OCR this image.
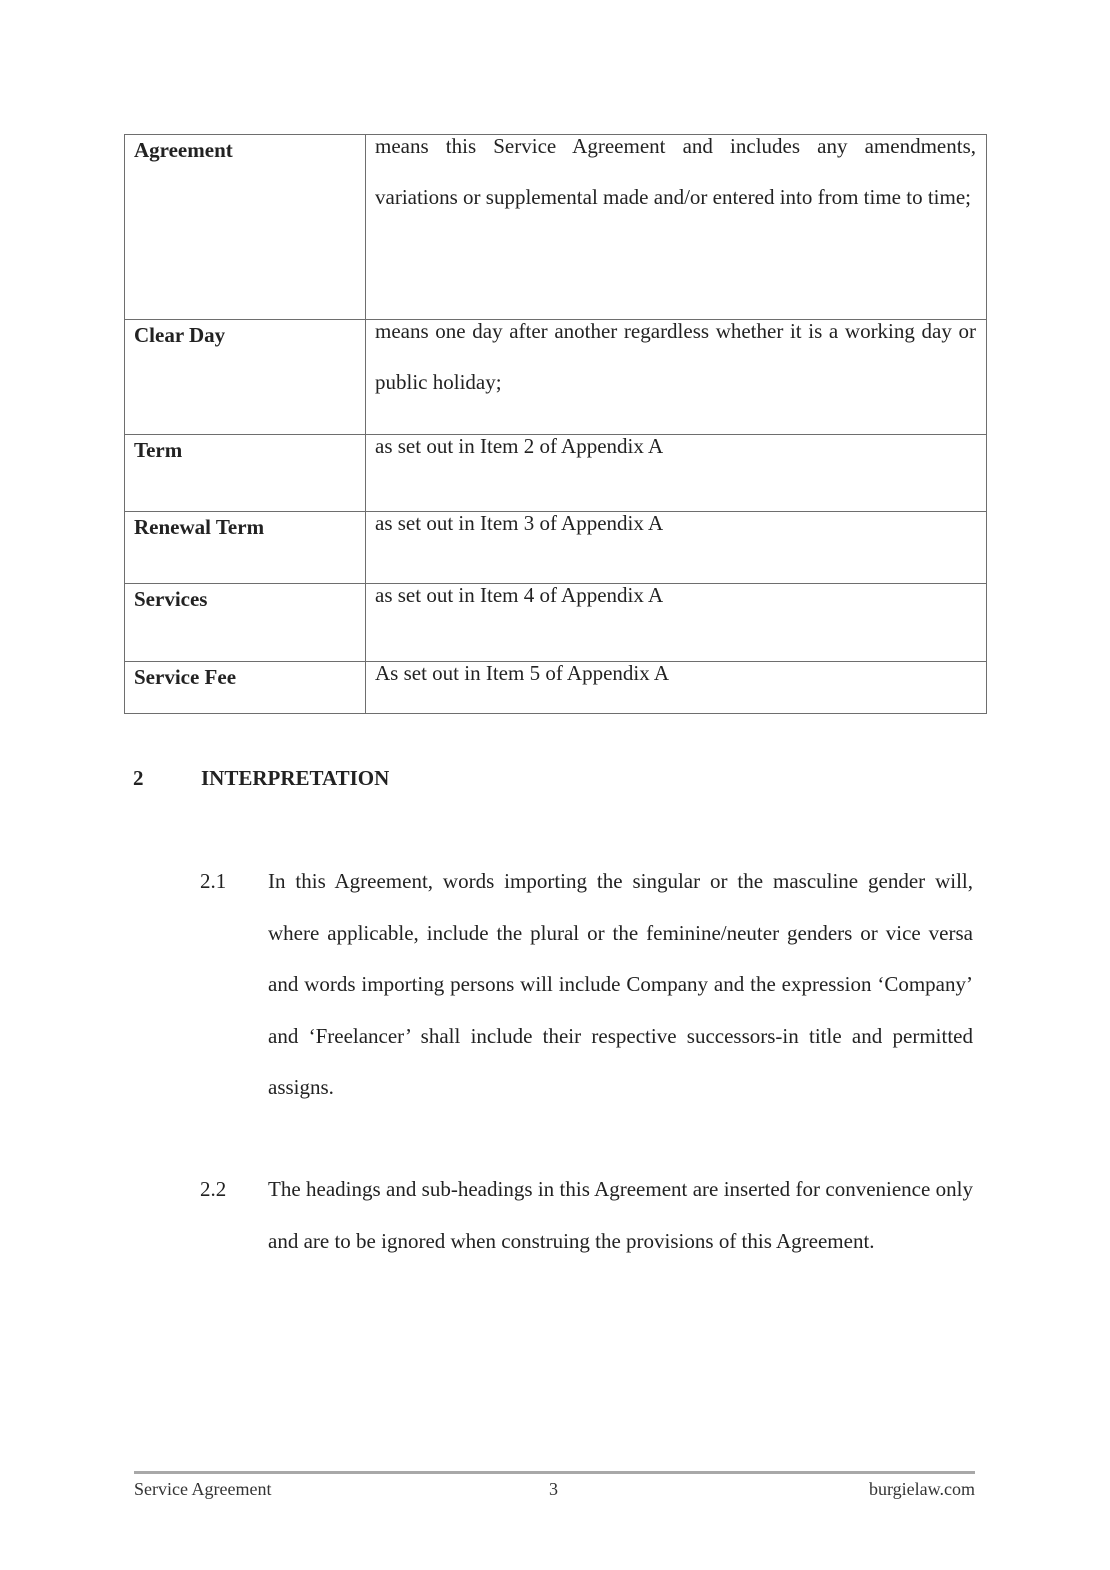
Agreement	means this Service Agreement and includes any amendments, variations or supplemental made and/or entered into from time to time;

Clear Day	means one day after another regardless whether it is a working day or public holiday;

Term	as set out in Item 2 of Appendix A

Renewal Term	as set out in Item 3 of Appendix A

Services	as set out in Item 4 of Appendix A

Service Fee	As set out in Item 5 of Appendix A
2	INTERPRETATION
2.1 In this Agreement, words importing the singular or the masculine gender will, where applicable, include the plural or the feminine/neuter genders or vice versa and words importing persons will include Company and the expression ‘Company’ and ‘Freelancer’ shall include their respective successors-in title and permitted assigns.
2.2 The headings and sub-headings in this Agreement are inserted for convenience only and are to be ignored when construing the provisions of this Agreement.
Service Agreement	3	burgielaw.com
